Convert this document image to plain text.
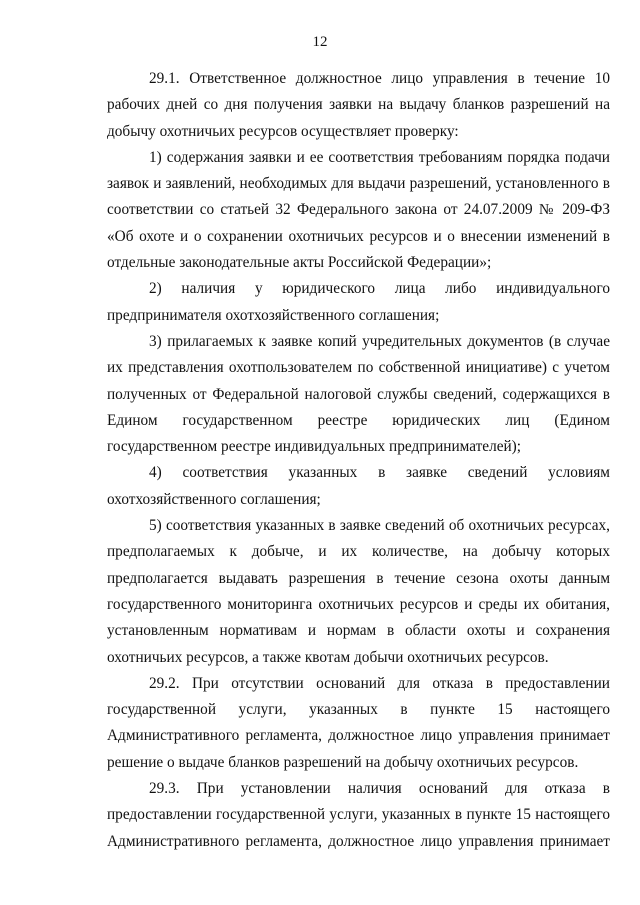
12

29.1. Ответственное должностное лицо управления в течение 10 рабочих дней со дня получения заявки на выдачу бланков разрешений на добычу охотничьих ресурсов осуществляет проверку:

1) содержания заявки и ее соответствия требованиям порядка подачи заявок и заявлений, необходимых для выдачи разрешений, установленного в соответствии со статьей 32 Федерального закона от 24.07.2009 № 209-ФЗ «Об охоте и о сохранении охотничьих ресурсов и о внесении изменений в отдельные законодательные акты Российской Федерации»;

2) наличия у юридического лица либо индивидуального предпринимателя охотхозяйственного соглашения;

3) прилагаемых к заявке копий учредительных документов (в случае их представления охотпользователем по собственной инициативе) с учетом полученных от Федеральной налоговой службы сведений, содержащихся в Едином государственном реестре юридических лиц (Едином государственном реестре индивидуальных предпринимателей);

4) соответствия указанных в заявке сведений условиям охотхозяйственного соглашения;

5) соответствия указанных в заявке сведений об охотничьих ресурсах, предполагаемых к добыче, и их количестве, на добычу которых предполагается выдавать разрешения в течение сезона охоты данным государственного мониторинга охотничьих ресурсов и среды их обитания, установленным нормативам и нормам в области охоты и сохранения охотничьих ресурсов, а также квотам добычи охотничьих ресурсов.

29.2. При отсутствии оснований для отказа в предоставлении государственной услуги, указанных в пункте 15 настоящего Административного регламента, должностное лицо управления принимает решение о выдаче бланков разрешений на добычу охотничьих ресурсов.

29.3. При установлении наличия оснований для отказа в предоставлении государственной услуги, указанных в пункте 15 настоящего Административного регламента, должностное лицо управления принимает
